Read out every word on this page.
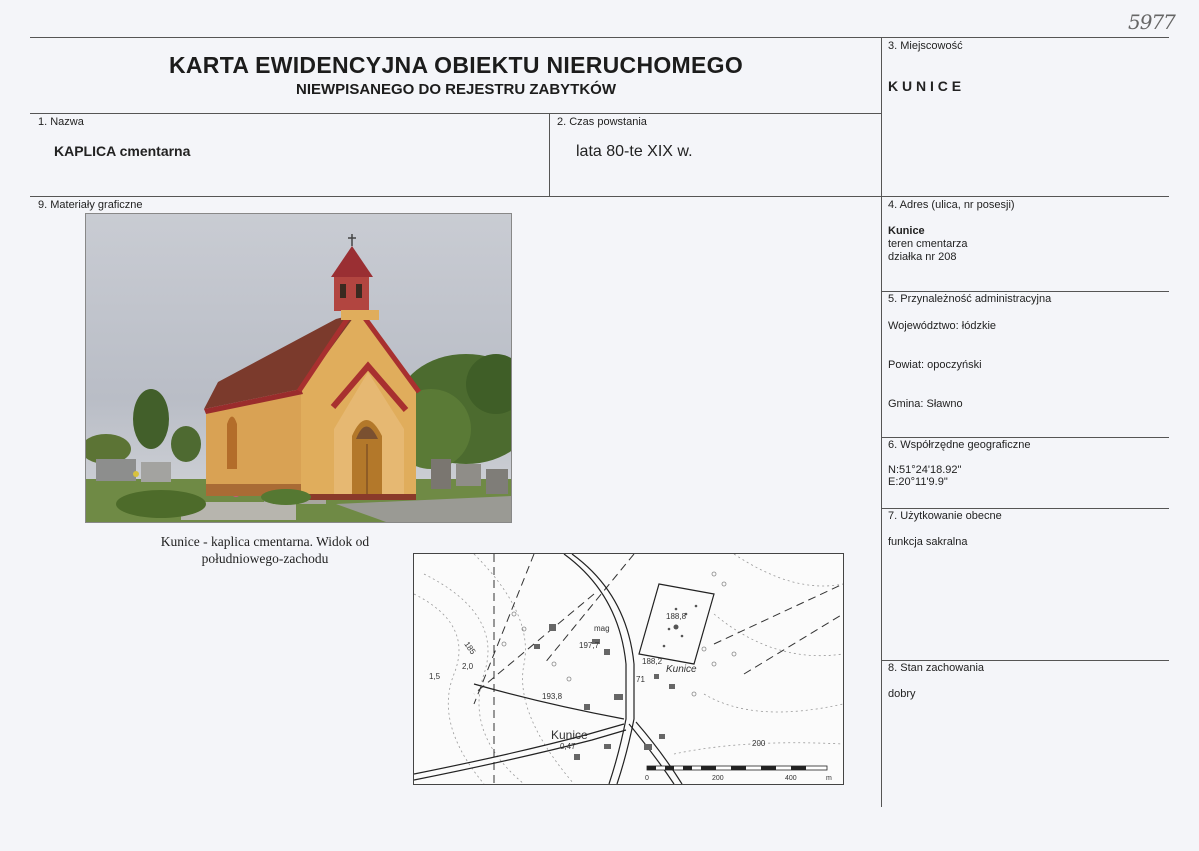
5977
KARTA EWIDENCYJNA OBIEKTU NIERUCHOMEGO
NIEWPISANEGO DO REJESTRU ZABYTKÓW
3. Miejscowość
K U N I C E
1. Nazwa
KAPLICA cmentarna
2. Czas powstania
lata 80-te XIX w.
9. Materiały graficzne	4. Adres (ulica, nr posesji)
Kunice
teren cmentarza
działka nr 208
5. Przynależność administracyjna
Województwo: łódzkie
Powiat: opoczyński
Gmina: Sławno
6. Współrzędne geograficzne
N:51°24'18.92"
E:20°11'9.9"
7. Użytkowanie obecne
funkcja sakralna
8. Stan zachowania
dobry
Kunice - kaplica cmentarna. Widok od
południowego-zachodu
mag
197,7
188,8
188,2
Kunice
193,8
2,0
1,5
200
185
71
Kunice
0,47
0	200	400	m
